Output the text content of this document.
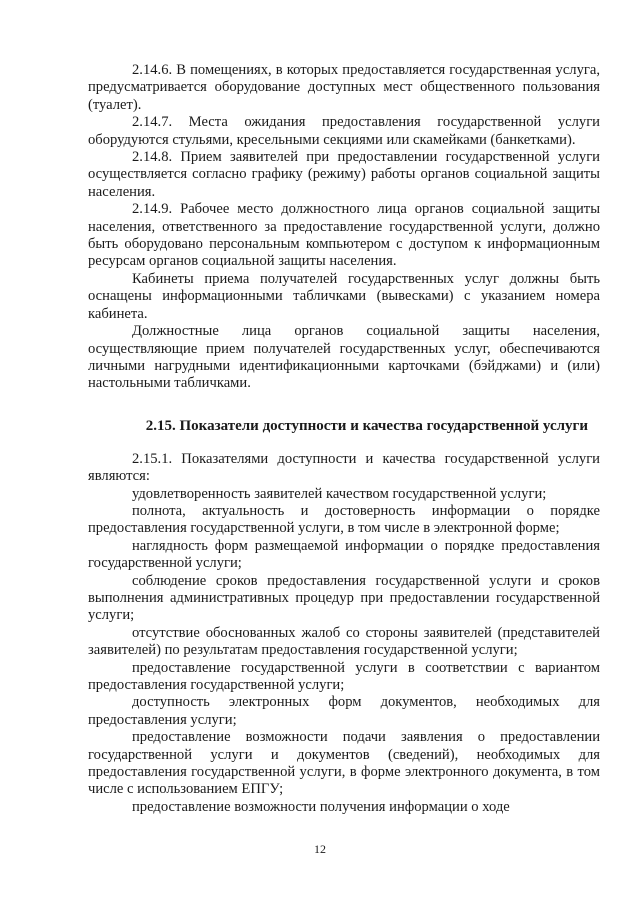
2.14.6. В помещениях, в которых предоставляется государственная услуга, предусматривается оборудование доступных мест общественного пользования (туалет).

2.14.7. Места ожидания предоставления государственной услуги оборудуются стульями, кресельными секциями или скамейками (банкетками).

2.14.8. Прием заявителей при предоставлении государственной услуги осуществляется согласно графику (режиму) работы органов социальной защиты населения.

2.14.9. Рабочее место должностного лица органов социальной защиты населения, ответственного за предоставление государственной услуги, должно быть оборудовано персональным компьютером с доступом к информационным ресурсам органов социальной защиты населения.

Кабинеты приема получателей государственных услуг должны быть оснащены информационными табличками (вывесками) с указанием номера кабинета.

Должностные лица органов социальной защиты населения, осуществляющие прием получателей государственных услуг, обеспечиваются личными нагрудными идентификационными карточками (бэйджами) и (или) настольными табличками.

2.15. Показатели доступности и качества государственной услуги

2.15.1. Показателями доступности и качества государственной услуги являются:

удовлетворенность заявителей качеством государственной услуги;

полнота, актуальность и достоверность информации о порядке предоставления государственной услуги, в том числе в электронной форме;

наглядность форм размещаемой информации о порядке предоставления государственной услуги;

соблюдение сроков предоставления государственной услуги и сроков выполнения административных процедур при предоставлении государственной услуги;

отсутствие обоснованных жалоб со стороны заявителей (представителей заявителей) по результатам предоставления государственной услуги;

предоставление государственной услуги в соответствии с вариантом предоставления государственной услуги;

доступность электронных форм документов, необходимых для предоставления услуги;

предоставление возможности подачи заявления о предоставлении государственной услуги и документов (сведений), необходимых для предоставления государственной услуги, в форме электронного документа, в том числе с использованием ЕПГУ;

предоставление возможности получения информации о ходе

12
